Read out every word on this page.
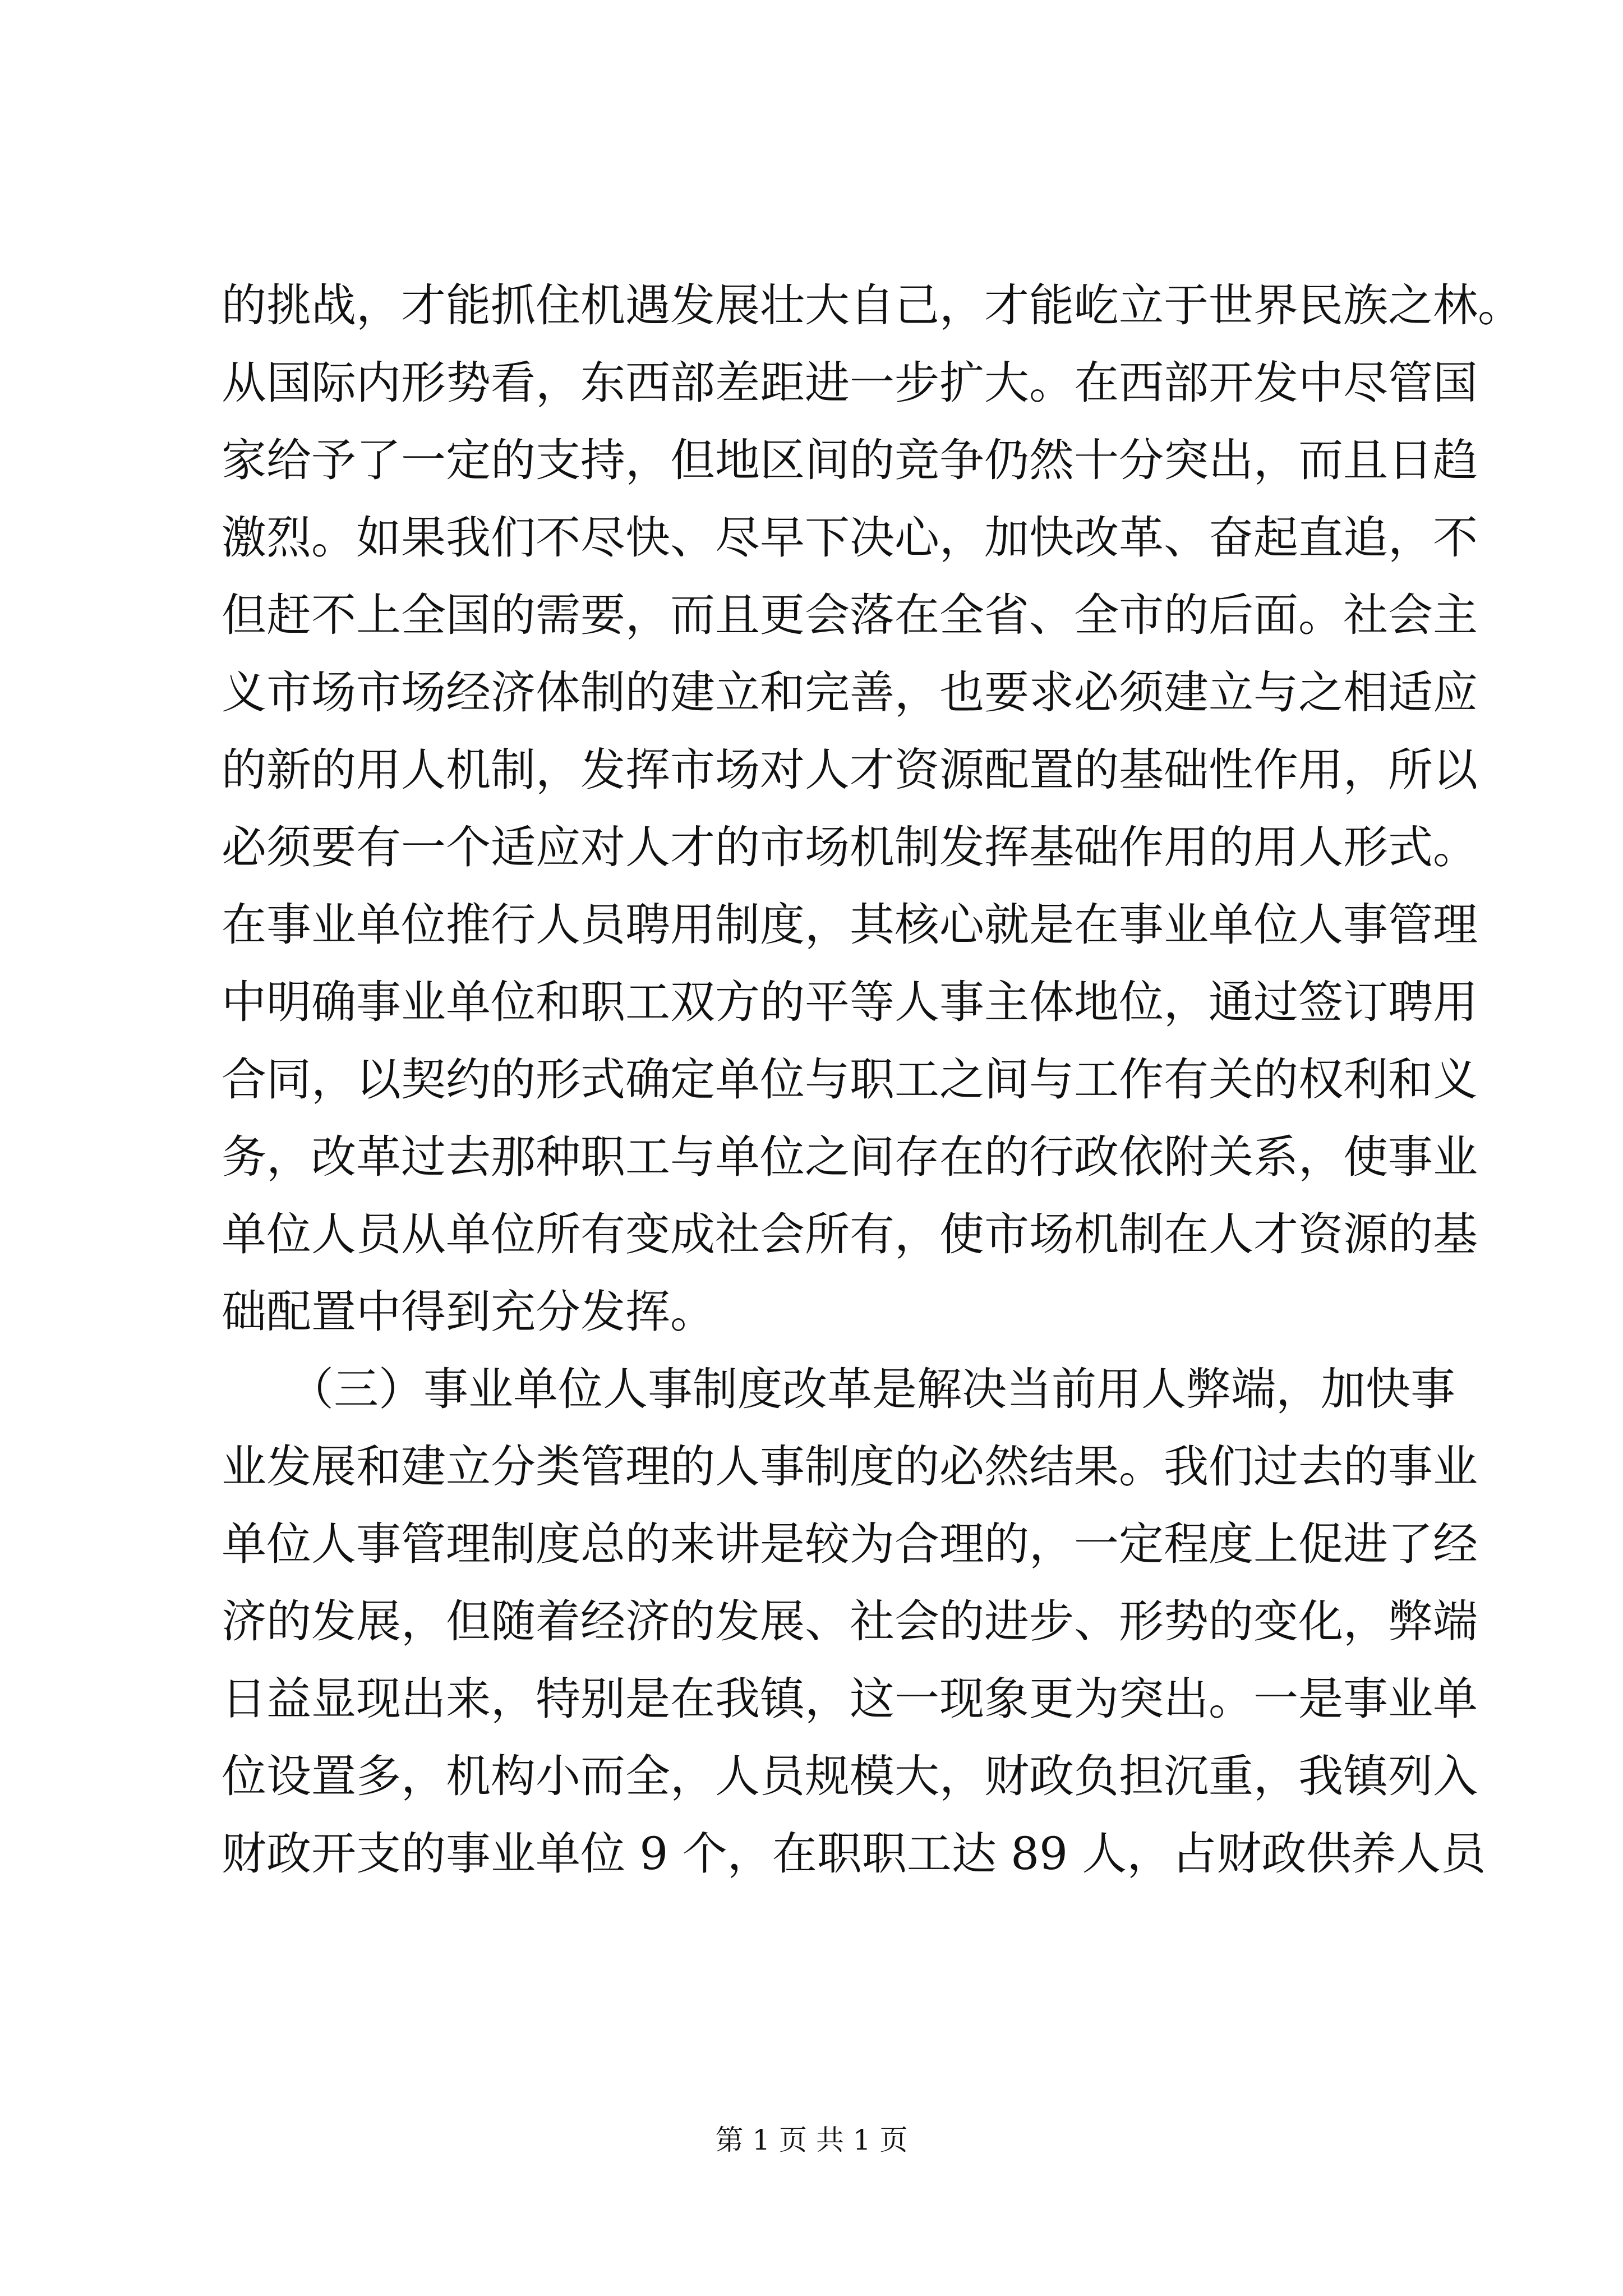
的挑战，才能抓住机遇发展壮大自己，才能屹立于世界民族之林。
从国际内形势看，东西部差距进一步扩大。在西部开发中尽管国
家给予了一定的支持，但地区间的竞争仍然十分突出，而且日趋
激烈。如果我们不尽快、尽早下决心，加快改革、奋起直追，不
但赶不上全国的需要，而且更会落在全省、全市的后面。社会主
义市场市场经济体制的建立和完善，也要求必须建立与之相适应
的新的用人机制，发挥市场对人才资源配置的基础性作用，所以
必须要有一个适应对人才的市场机制发挥基础作用的用人形式。
在事业单位推行人员聘用制度，其核心就是在事业单位人事管理
中明确事业单位和职工双方的平等人事主体地位，通过签订聘用
合同，以契约的形式确定单位与职工之间与工作有关的权利和义
务，改革过去那种职工与单位之间存在的行政依附关系，使事业
单位人员从单位所有变成社会所有，使市场机制在人才资源的基
础配置中得到充分发挥。
　　（三）事业单位人事制度改革是解决当前用人弊端，加快事
业发展和建立分类管理的人事制度的必然结果。我们过去的事业
单位人事管理制度总的来讲是较为合理的，一定程度上促进了经
济的发展，但随着经济的发展、社会的进步、形势的变化，弊端
日益显现出来，特别是在我镇，这一现象更为突出。一是事业单
位设置多，机构小而全，人员规模大，财政负担沉重，我镇列入
财政开支的事业单位 9 个，在职职工达 89 人，占财政供养人员
第 1 页 共 1 页
